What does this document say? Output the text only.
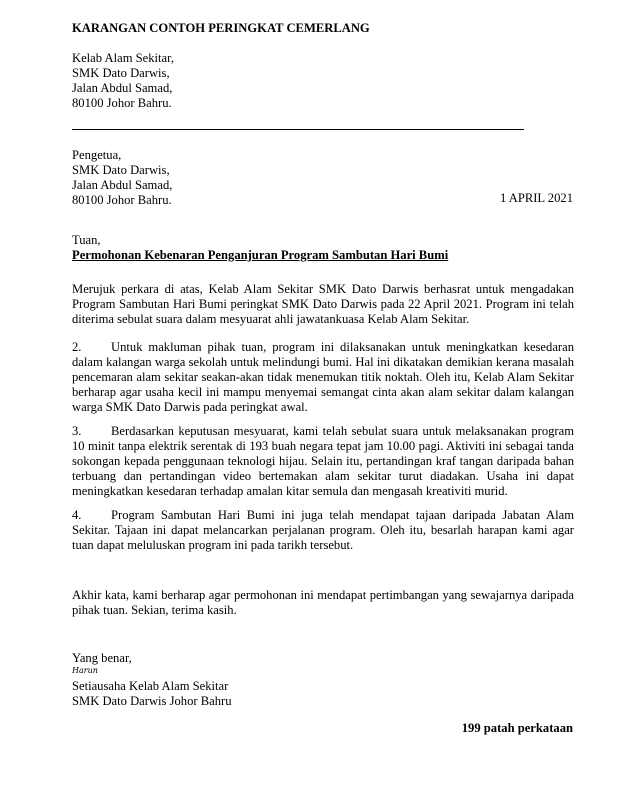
KARANGAN CONTOH PERINGKAT CEMERLANG
Kelab Alam Sekitar,
SMK Dato Darwis,
Jalan Abdul Samad,
80100 Johor Bahru.
Pengetua,
SMK Dato Darwis,
Jalan Abdul Samad,
80100 Johor Bahru.	1 APRIL 2021
Tuan,
Permohonan Kebenaran Penganjuran Program Sambutan Hari Bumi
Merujuk perkara di atas, Kelab Alam Sekitar SMK Dato Darwis berhasrat untuk mengadakan Program Sambutan Hari Bumi peringkat SMK Dato Darwis pada 22 April 2021. Program ini telah diterima sebulat suara dalam mesyuarat ahli jawatankuasa Kelab Alam Sekitar.
2. Untuk makluman pihak tuan, program ini dilaksanakan untuk meningkatkan kesedaran dalam kalangan warga sekolah untuk melindungi bumi. Hal ini dikatakan demikian kerana masalah pencemaran alam sekitar seakan-akan tidak menemukan titik noktah. Oleh itu, Kelab Alam Sekitar berharap agar usaha kecil ini mampu menyemai semangat cinta akan alam sekitar dalam kalangan warga SMK Dato Darwis pada peringkat awal.
3. Berdasarkan keputusan mesyuarat, kami telah sebulat suara untuk melaksanakan program 10 minit tanpa elektrik serentak di 193 buah negara tepat jam 10.00 pagi. Aktiviti ini sebagai tanda sokongan kepada penggunaan teknologi hijau. Selain itu, pertandingan kraf tangan daripada bahan terbuang dan pertandingan video bertemakan alam sekitar turut diadakan. Usaha ini dapat meningkatkan kesedaran terhadap amalan kitar semula dan mengasah kreativiti murid.
4. Program Sambutan Hari Bumi ini juga telah mendapat tajaan daripada Jabatan Alam Sekitar. Tajaan ini dapat melancarkan perjalanan program. Oleh itu, besarlah harapan kami agar tuan dapat meluluskan program ini pada tarikh tersebut.
Akhir kata, kami berharap agar permohonan ini mendapat pertimbangan yang sewajarnya daripada pihak tuan. Sekian, terima kasih.
Yang benar,
Harun
Setiausaha Kelab Alam Sekitar
SMK Dato Darwis Johor Bahru
199 patah perkataan
